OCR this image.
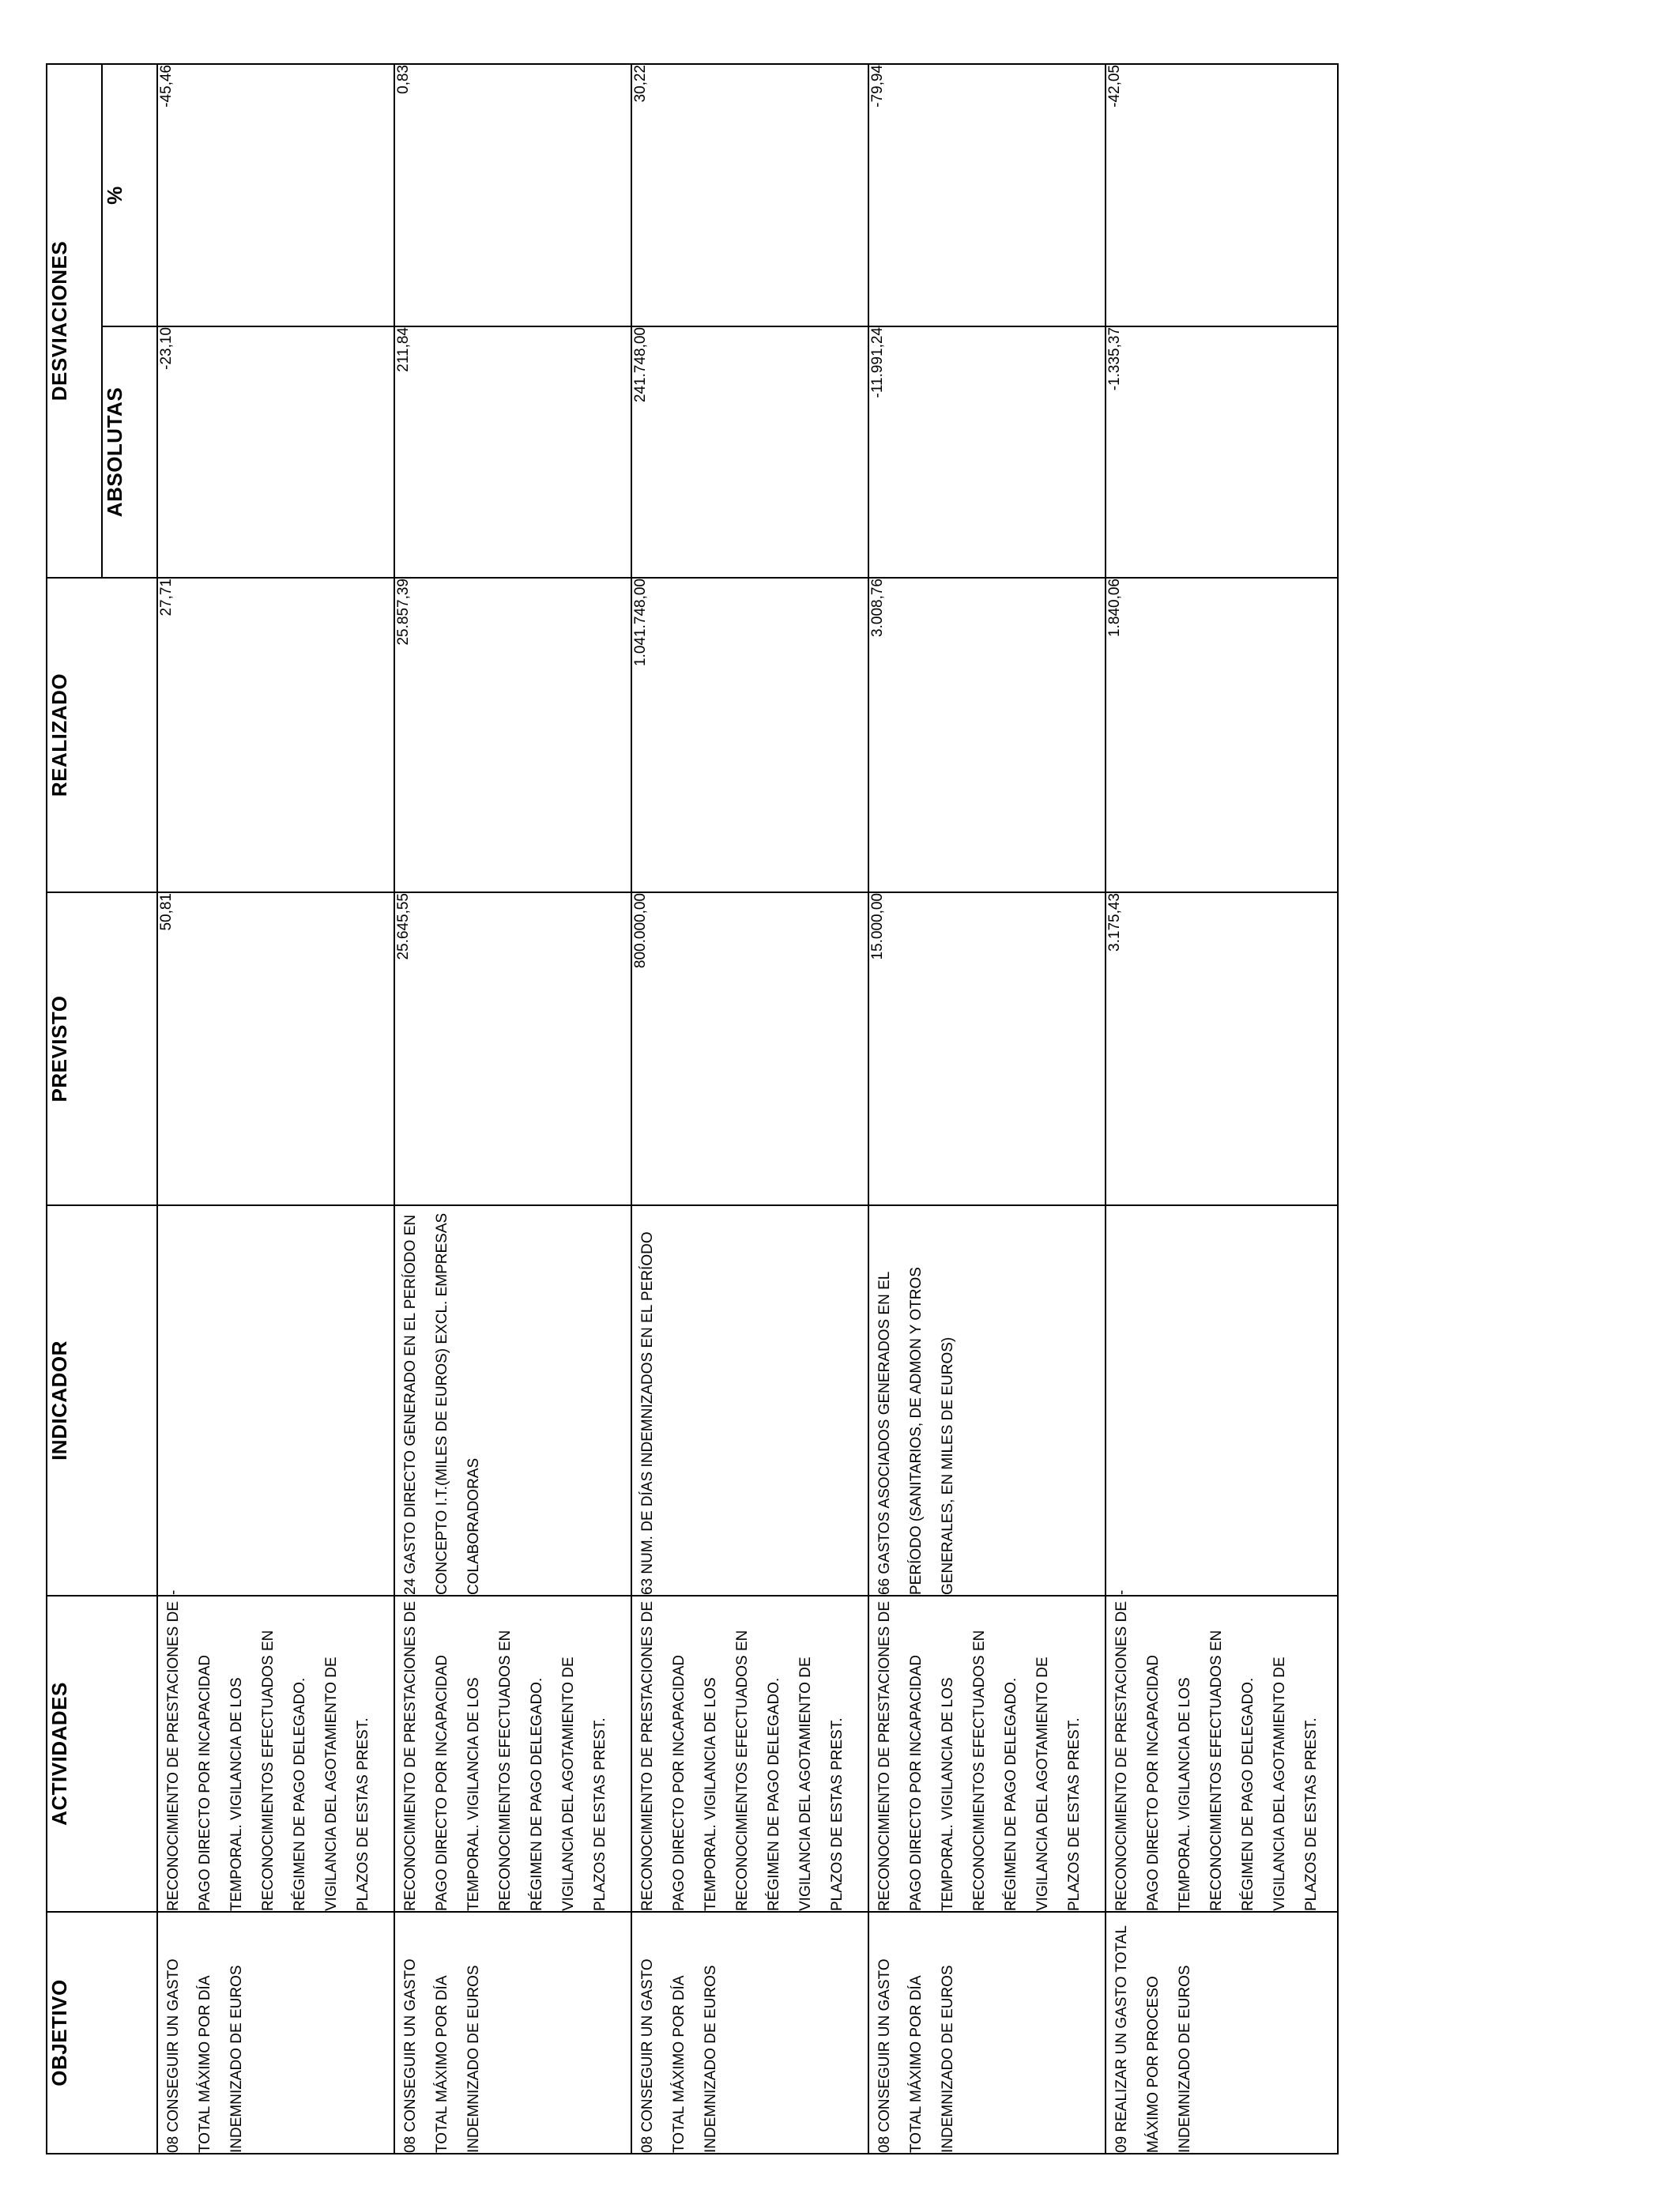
OBJETIVO	ACTIVIDADES	INDICADOR	PREVISTO	REALIZADO	DESVIACIONES	
					ABSOLUTAS	%

08 CONSEGUIR UN GASTO TOTAL MÁXIMO POR DÍA INDEMNIZADO DE EUROS	RECONOCIMIENTO DE PRESTACIONES DE PAGO DIRECTO POR INCAPACIDAD TEMPORAL. VIGILANCIA DE LOS RECONOCIMIENTOS EFECTUADOS EN RÉGIMEN DE PAGO DELEGADO. VIGILANCIA DEL AGOTAMIENTO DE PLAZOS DE ESTAS PREST.	-	50,81	27,71	-23,10	-45,46

08 CONSEGUIR UN GASTO TOTAL MÁXIMO POR DÍA INDEMNIZADO DE EUROS	RECONOCIMIENTO DE PRESTACIONES DE PAGO DIRECTO POR INCAPACIDAD TEMPORAL. VIGILANCIA DE LOS RECONOCIMIENTOS EFECTUADOS EN RÉGIMEN DE PAGO DELEGADO. VIGILANCIA DEL AGOTAMIENTO DE PLAZOS DE ESTAS PREST.	24 GASTO DIRECTO GENERADO EN EL PERÍODO EN CONCEPTO I.T.(MILES DE EUROS) EXCL. EMPRESAS COLABORADORAS	25.645,55	25.857,39	211,84	0,83

08 CONSEGUIR UN GASTO TOTAL MÁXIMO POR DÍA INDEMNIZADO DE EUROS	RECONOCIMIENTO DE PRESTACIONES DE PAGO DIRECTO POR INCAPACIDAD TEMPORAL. VIGILANCIA DE LOS RECONOCIMIENTOS EFECTUADOS EN RÉGIMEN DE PAGO DELEGADO. VIGILANCIA DEL AGOTAMIENTO DE PLAZOS DE ESTAS PREST.	63 NUM. DE DÍAS INDEMNIZADOS EN EL PERÍODO	800.000,00	1.041.748,00	241.748,00	30,22

08 CONSEGUIR UN GASTO TOTAL MÁXIMO POR DÍA INDEMNIZADO DE EUROS	RECONOCIMIENTO DE PRESTACIONES DE PAGO DIRECTO POR INCAPACIDAD TEMPORAL. VIGILANCIA DE LOS RECONOCIMIENTOS EFECTUADOS EN RÉGIMEN DE PAGO DELEGADO. VIGILANCIA DEL AGOTAMIENTO DE PLAZOS DE ESTAS PREST.	66 GASTOS ASOCIADOS GENERADOS EN EL PERÍODO (SANITARIOS, DE ADMON Y OTROS GENERALES, EN MILES DE EUROS)	15.000,00	3.008,76	-11.991,24	-79,94

09 REALIZAR UN GASTO TOTAL MÁXIMO POR PROCESO INDEMNIZADO DE EUROS	RECONOCIMIENTO DE PRESTACIONES DE PAGO DIRECTO POR INCAPACIDAD TEMPORAL. VIGILANCIA DE LOS RECONOCIMIENTOS EFECTUADOS EN RÉGIMEN DE PAGO DELEGADO. VIGILANCIA DEL AGOTAMIENTO DE PLAZOS DE ESTAS PREST.	-	3.175,43	1.840,06	-1.335,37	-42,05
